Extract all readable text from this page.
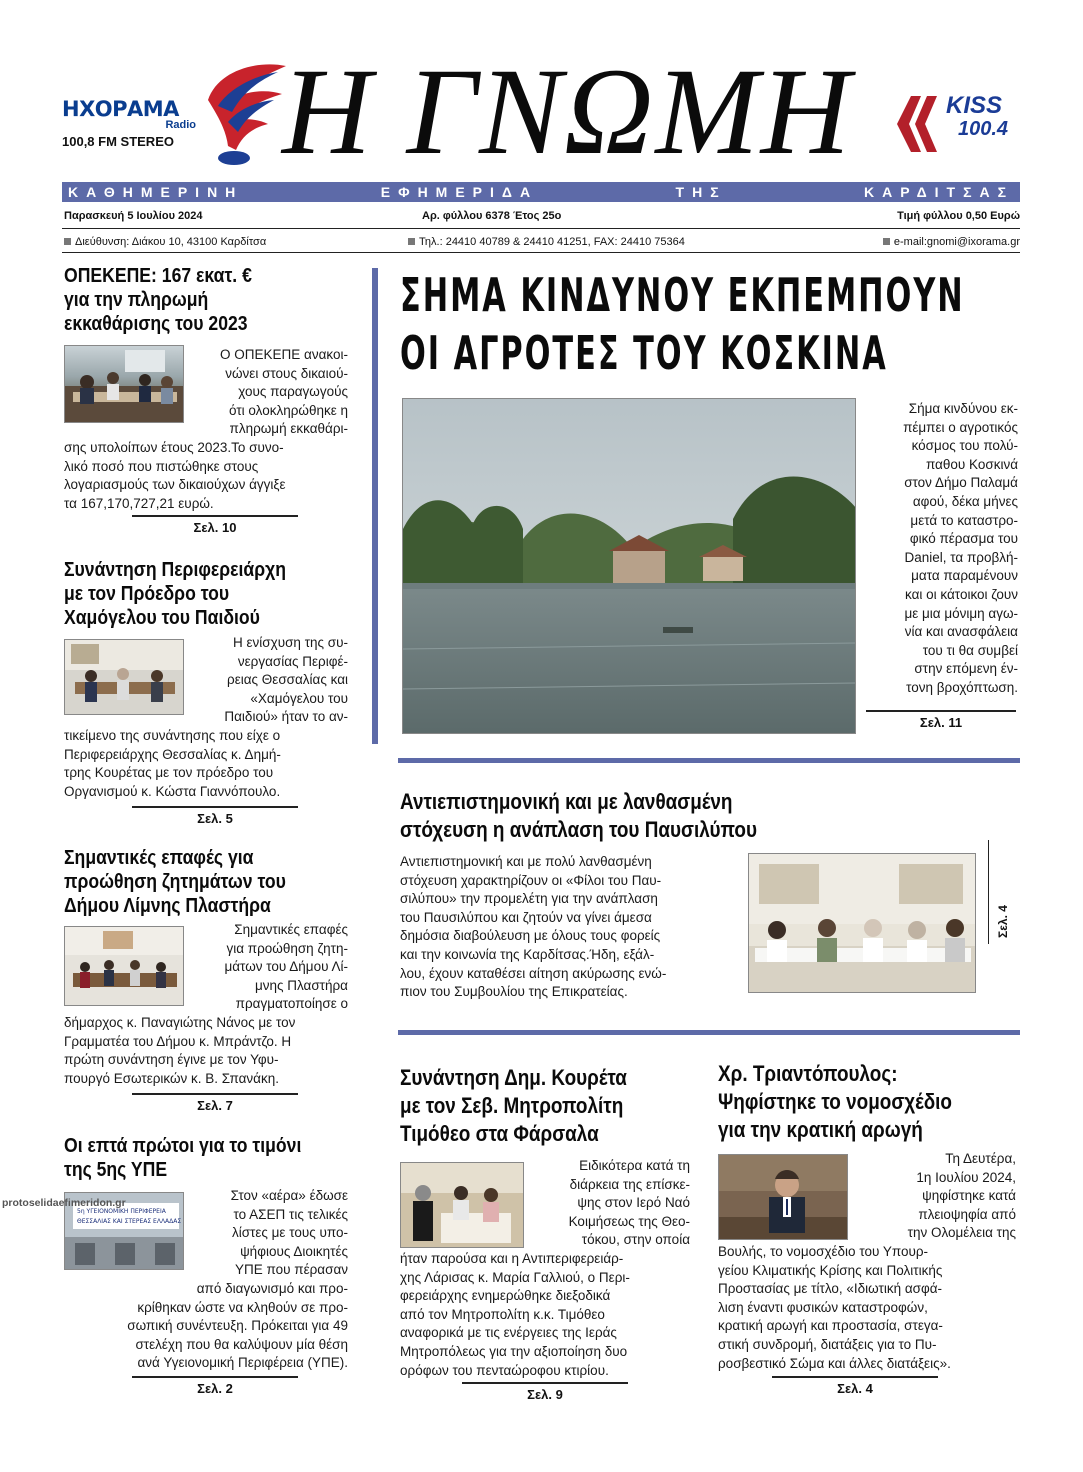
ΗΧΟΡΑΜΑ
Radio
100,8 FM STEREO Η ΓΝΩΜΗ	KISS
100.4
ΚΑΘΗΜΕΡΙΝΗ ΕΦΗΜΕΡΙΔΑ ΤΗΣ ΚΑΡΔΙΤΣΑΣ
Παρασκευή 5 Ιουλίου 2024	Αρ. φύλλου 6378 Έτος 25ο	Τιμή φύλλου 0,50 Ευρώ
Διεύθυνση: Διάκου 10, 43100 Καρδίτσα	Τηλ.: 24410 40789 & 24410 41251, FAX: 24410 75364	e-mail:gnomi@ixorama.gr
ΟΠΕΚΕΠΕ: 167 εκατ. €
για την πληρωμή
εκκαθάρισης του 2023
Ο ΟΠΕΚΕΠΕ ανακοι-
νώνει στους δικαιού-
χους παραγωγούς
ότι ολοκληρώθηκε η
πληρωμή εκκαθάρι-
σης υπολοίπων έτους 2023.Το συνο-
λικό ποσό που πιστώθηκε στους
λογαριασμούς των δικαιούχων άγγιξε
τα 167,170,727,21 ευρώ.
Σελ. 10
Συνάντηση Περιφερειάρχη
με τον Πρόεδρο του
Χαμόγελου του Παιδιού
Η ενίσχυση της συ-
νεργασίας Περιφέ-
ρειας Θεσσαλίας και
«Χαμόγελου του
Παιδιού» ήταν το αν-
τικείμενο της συνάντησης που είχε ο
Περιφερειάρχης Θεσσαλίας κ. Δημή-
τρης Κουρέτας με τον πρόεδρο του
Οργανισμού κ. Κώστα Γιαννόπουλο.
Σελ. 5
Σημαντικές επαφές για
προώθηση ζητημάτων του
Δήμου Λίμνης Πλαστήρα
Σημαντικές επαφές
για προώθηση ζητη-
μάτων του Δήμου Λί-
μνης Πλαστήρα
πραγματοποίησε ο
δήμαρχος κ. Παναγιώτης Νάνος με τον
Γραμματέα του Δήμου κ. Μπράντζο. Η
πρώτη συνάντηση έγινε με τον Υφυ-
πουργό Εσωτερικών κ. Β. Σπανάκη.
Σελ. 7
Οι επτά πρώτοι για το τιμόνι
της 5ης ΥΠΕ
5η ΥΓΕΙΟΝΟΜΙΚΗ ΠΕΡΙΦΕΡΕΙΑ
ΘΕΣΣΑΛΙΑΣ ΚΑΙ ΣΤΕΡΕΑΣ ΕΛΛΑΔΑΣ
Στον «αέρα» έδωσε
το ΑΣΕΠ τις τελικές
λίστες με τους υπο-
ψήφιους Διοικητές
ΥΠΕ που πέρασαν
από διαγωνισμό και προ-
κρίθηκαν ώστε να κληθούν σε προ-
σωπική συνέντευξη. Πρόκειται για 49
στελέχη που θα καλύψουν μία θέση
ανά Υγειονομική Περιφέρεια (ΥΠΕ).
Σελ. 2
protoselidaefimeridon.gr
ΣΗΜΑ ΚΙΝΔΥΝΟΥ ΕΚΠΕΜΠΟΥΝ
ΟΙ ΑΓΡΟΤΕΣ ΤΟΥ ΚΟΣΚΙΝΑ
Σήμα κινδύνου εκ-
πέμπει ο αγροτικός
κόσμος του πολύ-
παθου Κοσκινά
στον Δήμο Παλαμά
αφού, δέκα μήνες
μετά το καταστρο-
φικό πέρασμα του
Daniel, τα προβλή-
ματα παραμένουν
και οι κάτοικοι ζουν
με μια μόνιμη αγω-
νία και ανασφάλεια
του τι θα συμβεί
στην επόμενη έν-
τονη βροχόπτωση.
Σελ. 11
Αντιεπιστημονική και με λανθασμένη
στόχευση η ανάπλαση του Παυσιλύπου
Αντιεπιστημονική και με πολύ λανθασμένη
στόχευση χαρακτηρίζουν οι «Φίλοι του Παυ-
σιλύπου» την προμελέτη για την ανάπλαση
του Παυσιλύπου και ζητούν να γίνει άμεσα
δημόσια διαβούλευση με όλους τους φορείς
και την κοινωνία της Καρδίτσας.Ήδη, εξάλ-
λου, έχουν καταθέσει αίτηση ακύρωσης ενώ-
πιον του Συμβουλίου της Επικρατείας.
Σελ. 4
Συνάντηση Δημ. Κουρέτα
με τον Σεβ. Μητροπολίτη
Τιμόθεο στα Φάρσαλα
Ειδικότερα κατά τη
διάρκεια της επίσκε-
ψης στον Ιερό Ναό
Κοιμήσεως της Θεο-
τόκου, στην οποία
ήταν παρούσα και η Αντιπεριφερειάρ-
χης Λάρισας κ. Μαρία Γαλλιού, ο Περι-
φερειάρχης ενημερώθηκε διεξοδικά
από τον Μητροπολίτη κ.κ. Τιμόθεο
αναφορικά με τις ενέργειες της Ιεράς
Μητροπόλεως για την αξιοποίηση δυο
ορόφων του πενταώροφου κτιρίου.
Σελ. 9
Χρ. Τριαντόπουλος:
Ψηφίστηκε το νομοσχέδιο
για την κρατική αρωγή
Τη Δευτέρα,
1η Ιουλίου 2024,
ψηφίστηκε κατά
πλειοψηφία από
την Ολομέλεια της
Βουλής, το νομοσχέδιο του Υπουρ-
γείου Κλιματικής Κρίσης και Πολιτικής
Προστασίας με τίτλο, «Ιδιωτική ασφά-
λιση έναντι φυσικών καταστροφών,
κρατική αρωγή και προστασία, στεγα-
στική συνδρομή, διατάξεις για το Πυ-
ροσβεστικό Σώμα και άλλες διατάξεις».
Σελ. 4
